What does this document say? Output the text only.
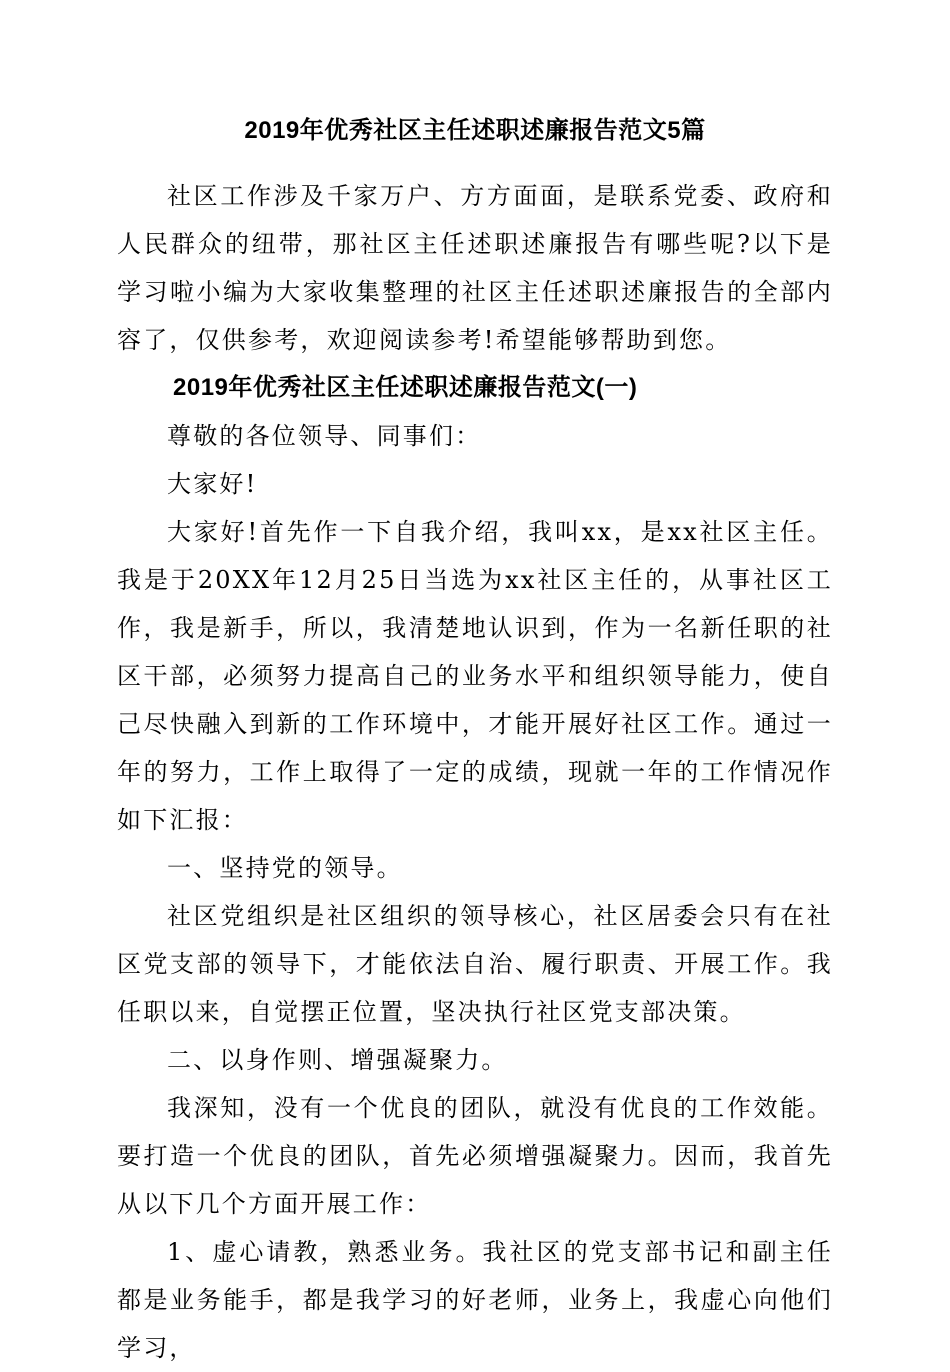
2019年优秀社区主任述职述廉报告范文5篇

社区工作涉及千家万户、方方面面，是联系党委、政府和人民群众的纽带，那社区主任述职述廉报告有哪些呢?以下是学习啦小编为大家收集整理的社区主任述职述廉报告的全部内容了，仅供参考，欢迎阅读参考!希望能够帮助到您。

2019年优秀社区主任述职述廉报告范文(一)

尊敬的各位领导、同事们：

大家好!

大家好!首先作一下自我介绍，我叫xx，是xx社区主任。我是于20XX年12月25日当选为xx社区主任的，从事社区工作，我是新手，所以，我清楚地认识到，作为一名新任职的社区干部，必须努力提高自己的业务水平和组织领导能力，使自己尽快融入到新的工作环境中，才能开展好社区工作。通过一年的努力，工作上取得了一定的成绩，现就一年的工作情况作如下汇报：

一、坚持党的领导。

社区党组织是社区组织的领导核心，社区居委会只有在社区党支部的领导下，才能依法自治、履行职责、开展工作。我任职以来，自觉摆正位置，坚决执行社区党支部决策。

二、以身作则、增强凝聚力。

我深知，没有一个优良的团队，就没有优良的工作效能。要打造一个优良的团队，首先必须增强凝聚力。因而，我首先从以下几个方面开展工作：

1、虚心请教，熟悉业务。我社区的党支部书记和副主任都是业务能手，都是我学习的好老师，业务上，我虚心向他们学习，
